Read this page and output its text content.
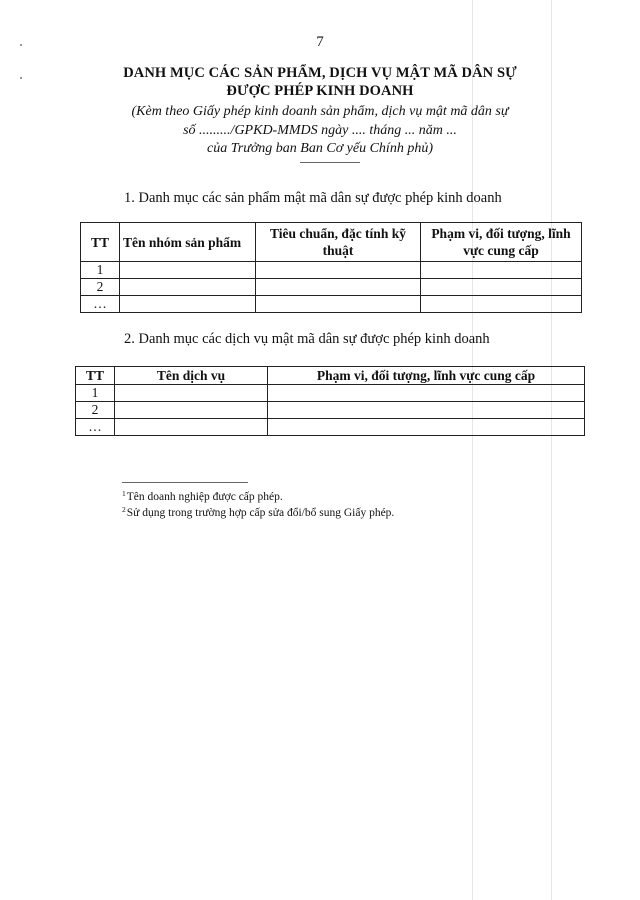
7
DANH MỤC CÁC SẢN PHẨM, DỊCH VỤ MẬT MÃ DÂN SỰ
ĐƯỢC PHÉP KINH DOANH
(Kèm theo Giấy phép kinh doanh sản phẩm, dịch vụ mật mã dân sự
số ........./GPKD-MMDS ngày .... tháng ... năm ...
của Trưởng ban Ban Cơ yếu Chính phủ)
1. Danh mục các sản phẩm mật mã dân sự được phép kinh doanh
TT	Tên nhóm sản phẩm	Tiêu chuẩn, đặc tính kỹ thuật	Phạm vi, đối tượng, lĩnh vực cung cấp
1			
2			
…			
2. Danh mục các dịch vụ mật mã dân sự được phép kinh doanh
TT	Tên dịch vụ	Phạm vi, đối tượng, lĩnh vực cung cấp
1		
2		
…		
$^1$Tên doanh nghiệp được cấp phép.
$^2$Sử dụng trong trường hợp cấp sửa đổi/bổ sung Giấy phép.
